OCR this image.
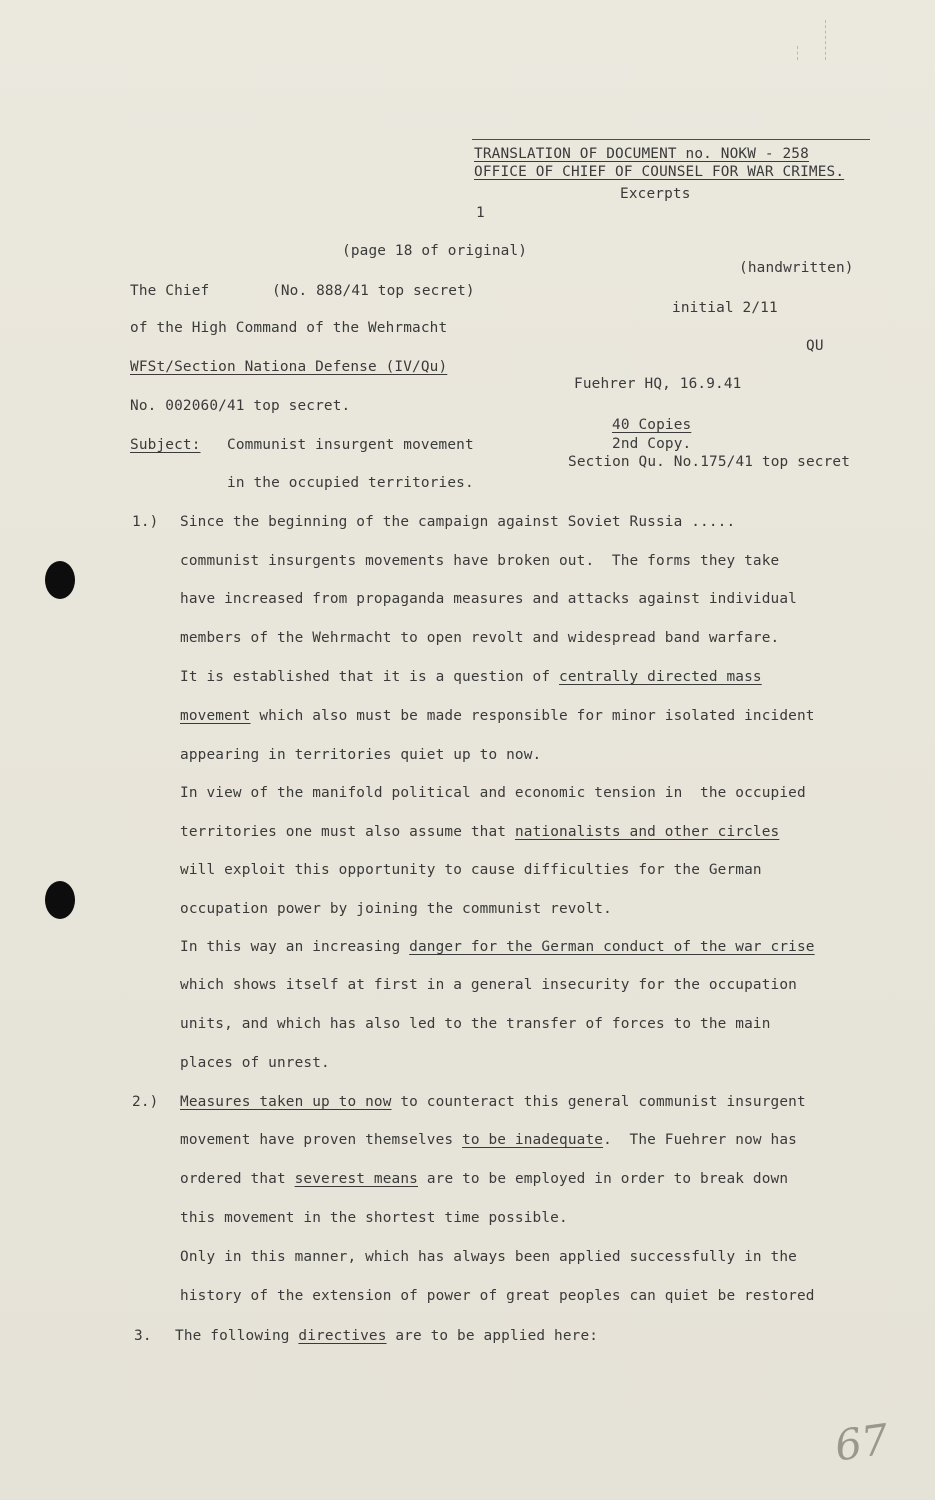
TRANSLATION OF DOCUMENT no. NOKW - 258
OFFICE OF CHIEF OF COUNSEL FOR WAR CRIMES.
Excerpts
1
(page 18 of original)
(handwritten)
initial 2/11
QU
Fuehrer HQ, 16.9.41
40 Copies
2nd Copy.
Section Qu. No.175/41 top secret
The Chief	(No. 888/41 top secret)
of the High Command of the Wehrmacht
WFSt/Section Nationa Defense (IV/Qu)
No. 002060/41 top secret.
Subject: Communist insurgent movement
in the occupied territories.
1.) Since the beginning of the campaign against Soviet Russia .....
communist insurgents movements have broken out.  The forms they take
have increased from propaganda measures and attacks against individual
members of the Wehrmacht to open revolt and widespread band warfare.
It is established that it is a question of centrally directed mass
movement which also must be made responsible for minor isolated incident
appearing in territories quiet up to now.
In view of the manifold political and economic tension in  the occupied
territories one must also assume that nationalists and other circles
will exploit this opportunity to cause difficulties for the German
occupation power by joining the communist revolt.
In this way an increasing danger for the German conduct of the war crise
which shows itself at first in a general insecurity for the occupation
units, and which has also led to the transfer of forces to the main
places of unrest.
2.) Measures taken up to now to counteract this general communist insurgent
movement have proven themselves to be inadequate.  The Fuehrer now has
ordered that severest means are to be employed in order to break down
this movement in the shortest time possible.
Only in this manner, which has always been applied successfully in the
history of the extension of power of great peoples can quiet be restored
3. The following directives are to be applied here:
67
